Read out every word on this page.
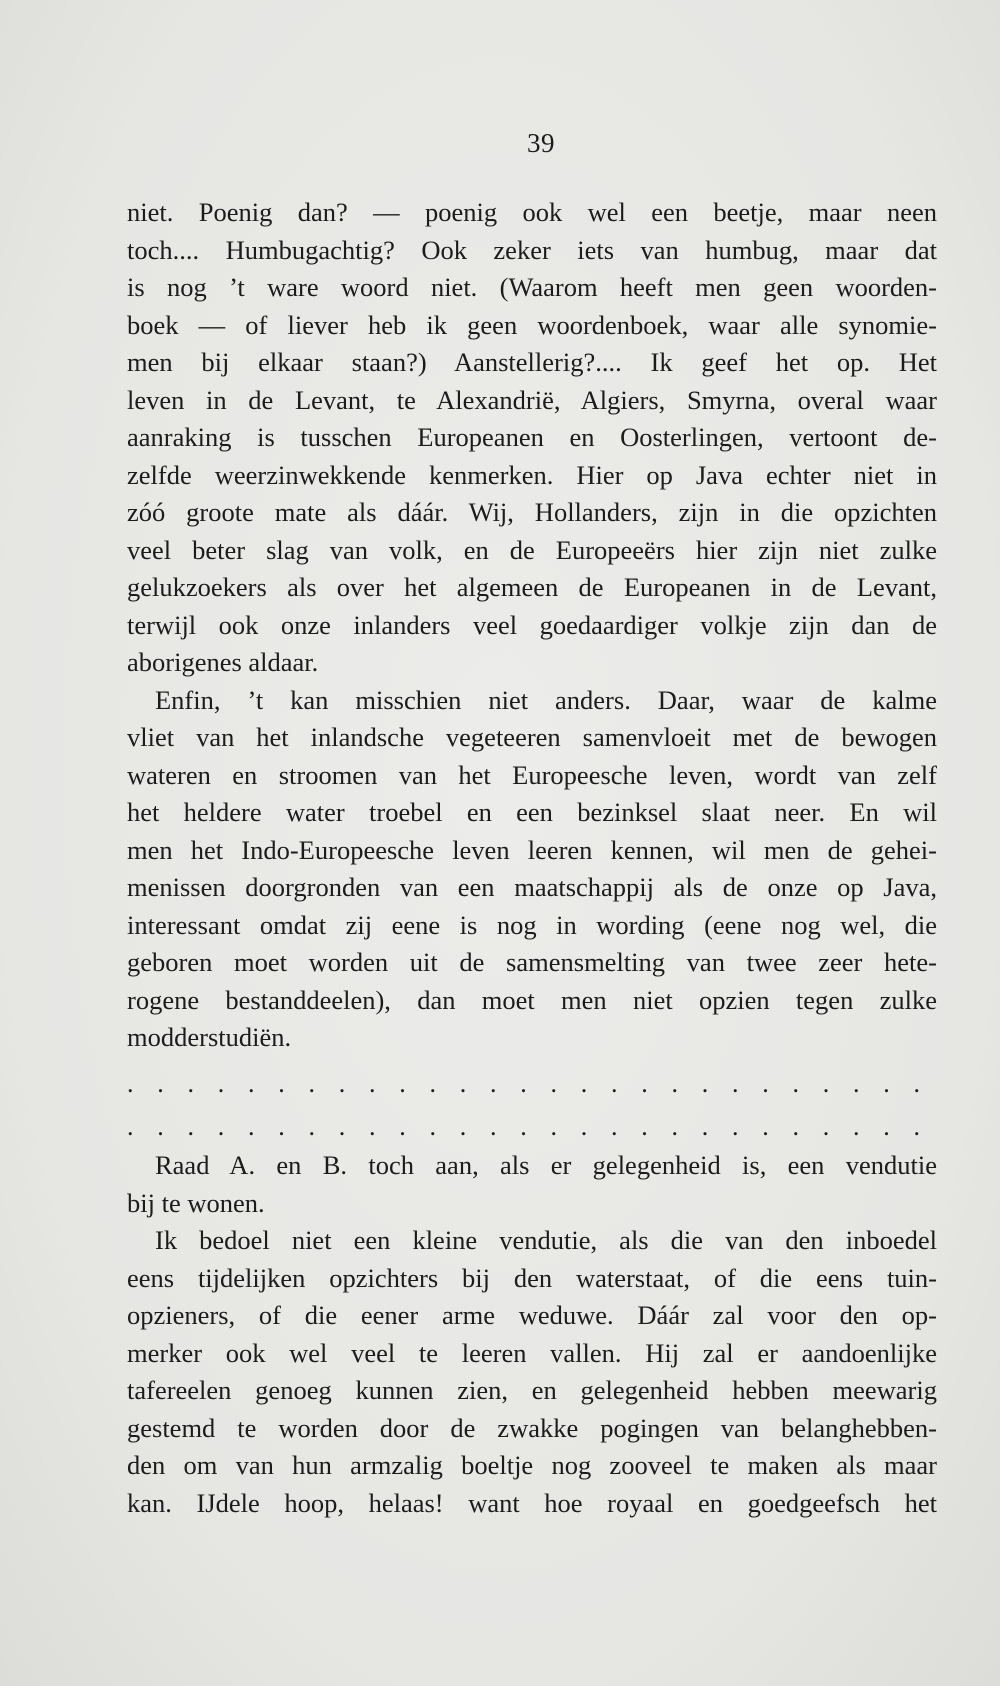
39
niet. Poenig dan? — poenig ook wel een beetje, maar neen
toch.... Humbugachtig? Ook zeker iets van humbug, maar dat
is nog ’t ware woord niet. (Waarom heeft men geen woorden-
boek — of liever heb ik geen woordenboek, waar alle synomie-
men bij elkaar staan?) Aanstellerig?.... Ik geef het op. Het
leven in de Levant, te Alexandrië, Algiers, Smyrna, overal waar
aanraking is tusschen Europeanen en Oosterlingen, vertoont de-
zelfde weerzinwekkende kenmerken. Hier op Java echter niet in
zóó groote mate als dáár. Wij, Hollanders, zijn in die opzichten
veel beter slag van volk, en de Europeeërs hier zijn niet zulke
gelukzoekers als over het algemeen de Europeanen in de Levant,
terwijl ook onze inlanders veel goedaardiger volkje zijn dan de
aborigenes aldaar.
Enfin, ’t kan misschien niet anders. Daar, waar de kalme
vliet van het inlandsche vegeteeren samenvloeit met de bewogen
wateren en stroomen van het Europeesche leven, wordt van zelf
het heldere water troebel en een bezinksel slaat neer. En wil
men het Indo-Europeesche leven leeren kennen, wil men de gehei-
menissen doorgronden van een maatschappij als de onze op Java,
interessant omdat zij eene is nog in wording (eene nog wel, die
geboren moet worden uit de samensmelting van twee zeer hete-
rogene bestanddeelen), dan moet men niet opzien tegen zulke
modderstudiën.
. . . . . . . . . . . . . . . . . . . . . . . . . . .
. . . . . . . . . . . . . . . . . . . . . . . . . . .
Raad A. en B. toch aan, als er gelegenheid is, een vendutie
bij te wonen.
Ik bedoel niet een kleine vendutie, als die van den inboedel
eens tijdelijken opzichters bij den waterstaat, of die eens tuin-
opzieners, of die eener arme weduwe. Dáár zal voor den op-
merker ook wel veel te leeren vallen. Hij zal er aandoenlijke
tafereelen genoeg kunnen zien, en gelegenheid hebben meewarig
gestemd te worden door de zwakke pogingen van belanghebben-
den om van hun armzalig boeltje nog zooveel te maken als maar
kan. IJdele hoop, helaas! want hoe royaal en goedgeefsch het
